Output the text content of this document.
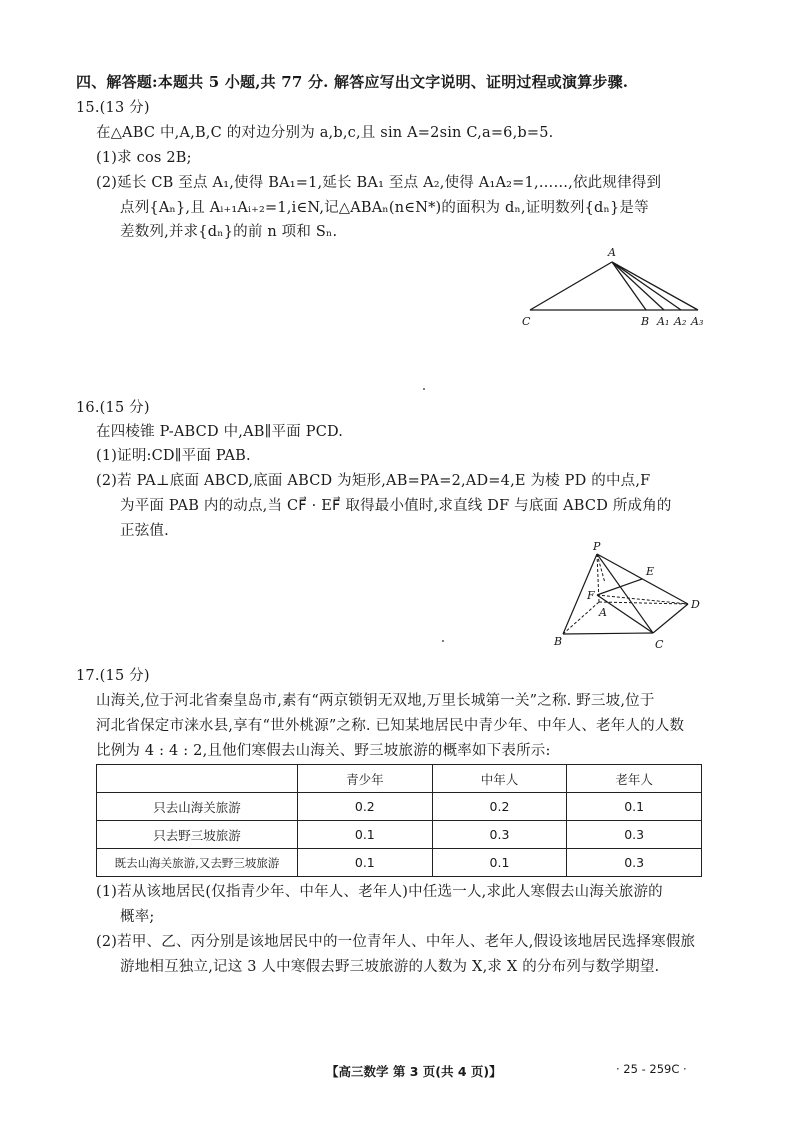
四、解答题:本题共 5 小题,共 77 分. 解答应写出文字说明、证明过程或演算步骤.
15.(13 分)
在△ABC 中,A,B,C 的对边分别为 a,b,c,且 sin A=2sin C,a=6,b=5.
(1)求 cos 2B;
(2)延长 CB 至点 A₁,使得 BA₁=1,延长 BA₁ 至点 A₂,使得 A₁A₂=1,……,依此规律得到
点列{Aₙ},且 Aᵢ₊₁Aᵢ₊₂=1,i∈N,记△ABAₙ(n∈N*)的面积为 dₙ,证明数列{dₙ}是等
差数列,并求{dₙ}的前 n 项和 Sₙ.
A
C	B A₁ A₂ A₃
16.(15 分)
在四棱锥 P-ABCD 中,AB∥平面 PCD.
(1)证明:CD∥平面 PAB.
(2)若 PA⊥底面 ABCD,底面 ABCD 为矩形,AB=PA=2,AD=4,E 为棱 PD 的中点,F
为平面 PAB 内的动点,当 CF⃗ · EF⃗ 取得最小值时,求直线 DF 与底面 ABCD 所成角的
正弦值.
P
E
F
A
D
B	C
17.(15 分)
山海关,位于河北省秦皇岛市,素有“两京锁钥无双地,万里长城第一关”之称. 野三坡,位于
河北省保定市涞水县,享有“世外桃源”之称. 已知某地居民中青少年、中年人、老年人的人数
比例为 4 : 4 : 2,且他们寒假去山海关、野三坡旅游的概率如下表所示:
	青少年	中年人	老年人
只去山海关旅游	0.2	0.2	0.1
只去野三坡旅游	0.1	0.3	0.3
既去山海关旅游,又去野三坡旅游	0.1	0.1	0.3
(1)若从该地居民(仅指青少年、中年人、老年人)中任选一人,求此人寒假去山海关旅游的
概率;
(2)若甲、乙、丙分别是该地居民中的一位青年人、中年人、老年人,假设该地居民选择寒假旅
游地相互独立,记这 3 人中寒假去野三坡旅游的人数为 X,求 X 的分布列与数学期望.
【高三数学 第 3 页(共 4 页)】	· 25 - 259C ·
